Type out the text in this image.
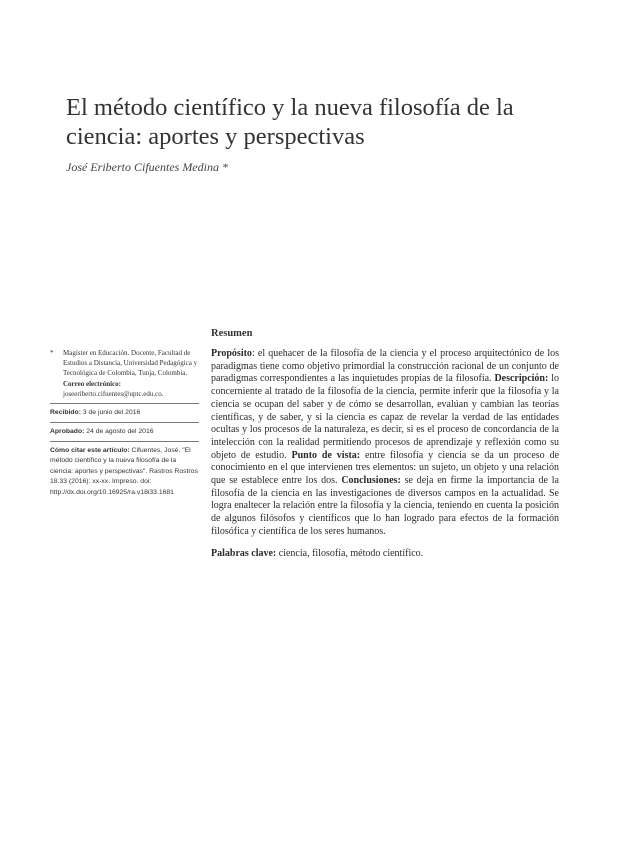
El método científico y la nueva filosofía de la ciencia: aportes y perspectivas
José Eriberto Cifuentes Medina *
* Magíster en Educación. Docente, Facultad de Estudios a Distancia, Universidad Pedagógica y Tecnológica de Colombia, Tunja, Colombia. Correo electrónico: joseeriberto.cifuentes@uptc.edu.co.
Recibido: 3 de junio del 2016
Aprobado: 24 de agosto del 2016
Cómo citar este artículo: Cifuentes, José. "El método científico y la nueva filosofía de la ciencia: aportes y perspectivas". Rastros Rostros 18.33 (2016): xx-xx. Impreso. doi: http://dx.doi.org/10.16925/ra.v18i33.1681
Resumen

Propósito: el quehacer de la filosofía de la ciencia y el proceso arquitectónico de los paradigmas tiene como objetivo primordial la construcción racional de un conjunto de paradigmas correspondientes a las inquietudes propias de la filosofía. Descripción: lo concerniente al tratado de la filosofía de la ciencia, permite inferir que la filosofía y la ciencia se ocupan del saber y de cómo se desarrollan, evalúan y cambian las teorías científicas, y de saber, y si la ciencia es capaz de revelar la verdad de las entidades ocultas y los procesos de la naturaleza, es decir, si es el proceso de concordancia de la intelección con la realidad permitiendo procesos de aprendizaje y reflexión como su objeto de estudio. Punto de vista: entre filosofía y ciencia se da un proceso de conocimiento en el que intervienen tres elementos: un sujeto, un objeto y una relación que se establece entre los dos. Conclusiones: se deja en firme la importancia de la filosofía de la ciencia en las investigaciones de diversos campos en la actualidad. Se logra enaltecer la relación entre la filosofía y la ciencia, teniendo en cuenta la posición de algunos filósofos y científicos que lo han logrado para efectos de la formación filosófica y científica de los seres humanos.

Palabras clave: ciencia, filosofía, método científico.
